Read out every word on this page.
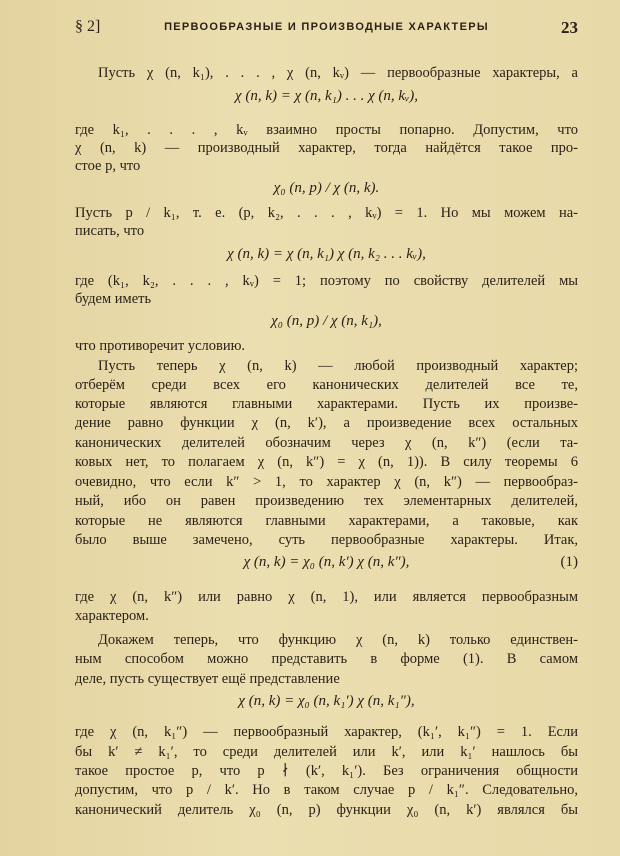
§ 2]	ПЕРВООБРАЗНЫЕ И ПРОИЗВОДНЫЕ ХАРАКТЕРЫ	23
Пусть χ (n, k₁), . . . , χ (n, kᵥ) — первообразные характеры, а
χ (n, k) = χ (n, k₁) . . . χ (n, kᵥ),
где k₁, . . . , kᵥ взаимно просты попарно. Допустим, что
χ (n, k) — производный характер, тогда найдётся такое про-
стое p, что
χ₀ (n, p) / χ (n, k).
Пусть p / k₁, т. е. (p, k₂, . . . , kᵥ) = 1. Но мы можем на-
писать, что
χ (n, k) = χ (n, k₁) χ (n, k₂ . . . kᵥ),
где (k₁, k₂, . . . , kᵥ) = 1; поэтому по свойству делителей мы
будем иметь
χ₀ (n, p) / χ (n, k₁),
что противоречит условию.
Пусть теперь χ (n, k) — любой производный характер;
отберём среди всех его канонических делителей все те,
которые являются главными характерами. Пусть их произве-
дение равно функции χ (n, k′), а произведение всех остальных
канонических делителей обозначим через χ (n, k″) (если та-
ковых нет, то полагаем χ (n, k″) = χ (n, 1)). В силу теоремы 6
очевидно, что если k″ > 1, то характер χ (n, k″) — первообраз-
ный, ибо он равен произведению тех элементарных делителей,
которые не являются главными характерами, а таковые, как
было выше замечено, суть первообразные характеры. Итак,
χ (n, k) = χ₀ (n, k′) χ (n, k″),	(1)
где χ (n, k″) или равно χ (n, 1), или является первообразным
характером.
Докажем теперь, что функцию χ (n, k) только единствен-
ным способом можно представить в форме (1). В самом
деле, пусть существует ещё представление
χ (n, k) = χ₀ (n, k₁′) χ (n, k₁″),
где χ (n, k₁″) — первообразный характер, (k₁′, k₁″) = 1. Если
бы k′ ≠ k₁′, то среди делителей или k′, или k₁′ нашлось бы
такое простое p, что p ∤ (k′, k₁′). Без ограничения общности
допустим, что p / k′. Но в таком случае p / k₁″. Следовательно,
канонический делитель χ₀ (n, p) функции χ₀ (n, k′) являлся бы
